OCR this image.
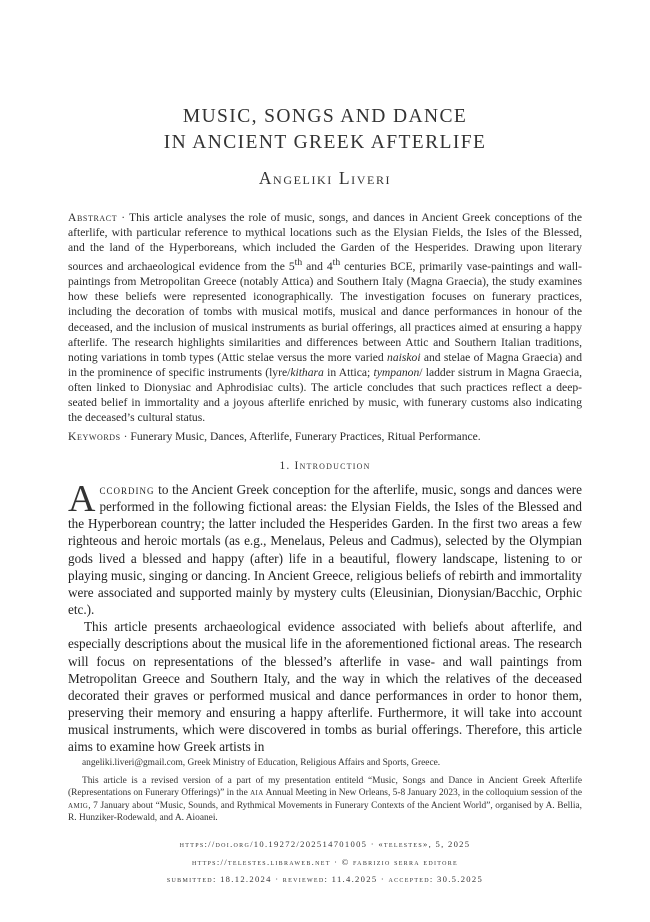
MUSIC, SONGS AND DANCE
IN ANCIENT GREEK AFTERLIFE
Angeliki Liveri
Abstract · This article analyses the role of music, songs, and dances in Ancient Greek conceptions of the afterlife, with particular reference to mythical locations such as the Elysian Fields, the Isles of the Blessed, and the land of the Hyperboreans, which included the Garden of the Hesperides. Drawing upon literary sources and archaeological evidence from the 5th and 4th centuries BCE, primarily vase-paintings and wall-paintings from Metropolitan Greece (notably Attica) and Southern Italy (Magna Graecia), the study examines how these beliefs were represented iconographically. The investigation focuses on funerary practices, including the decoration of tombs with musical motifs, musical and dance performances in honour of the deceased, and the inclusion of musical instruments as burial offerings, all practices aimed at ensuring a happy afterlife. The research highlights similarities and differences between Attic and Southern Italian traditions, noting variations in tomb types (Attic stelae versus the more varied naiskoi and stelae of Magna Graecia) and in the prominence of specific instruments (lyre/kithara in Attica; tympanon/ ladder sistrum in Magna Graecia, often linked to Dionysiac and Aphrodisiac cults). The article concludes that such practices reflect a deep-seated belief in immortality and a joyous afterlife enriched by music, with funerary customs also indicating the deceased’s cultural status.
Keywords · Funerary Music, Dances, Afterlife, Funerary Practices, Ritual Performance.
1. Introduction

According to the Ancient Greek conception for the afterlife, music, songs and dances were performed in the following fictional areas: the Elysian Fields, the Isles of the Blessed and the Hyperborean country; the latter included the Hesperides Garden. In the first two areas a few righteous and heroic mortals (as e.g., Menelaus, Peleus and Cadmus), selected by the Olympian gods lived a blessed and happy (after) life in a beautiful, flowery landscape, listening to or playing music, singing or dancing. In Ancient Greece, religious beliefs of rebirth and immortality were associated and supported mainly by mystery cults (Eleusinian, Dionysian/Bacchic, Orphic etc.).

This article presents archaeological evidence associated with beliefs about afterlife, and especially descriptions about the musical life in the aforementioned fictional areas. The research will focus on representations of the blessed’s afterlife in vase- and wall paintings from Metropolitan Greece and Southern Italy, and the way in which the relatives of the deceased decorated their graves or performed musical and dance performances in order to honor them, preserving their memory and ensuring a happy afterlife. Furthermore, it will take into account musical instruments, which were discovered in tombs as burial offerings. Therefore, this article aims to examine how Greek artists in

angeliki.liveri@gmail.com, Greek Ministry of Education, Religious Affairs and Sports, Greece.
This article is a revised version of a part of my presentation entiteld “Music, Songs and Dance in Ancient Greek Afterlife (Representations on Funerary Offerings)” in the aia Annual Meeting in New Orleans, 5-8 January 2023, in the colloquium session of the amig, 7 January about “Music, Sounds, and Rythmical Movements in Funerary Contexts of the Ancient World”, organised by A. Bellia, R. Hunziker-Rodewald, and A. Aioanei.
https://doi.org/10.19272/202514701005 · «telestes», 5, 2025
https://telestes.libraweb.net · © fabrizio serra editore
submitted: 18.12.2024 · reviewed: 11.4.2025 · accepted: 30.5.2025
